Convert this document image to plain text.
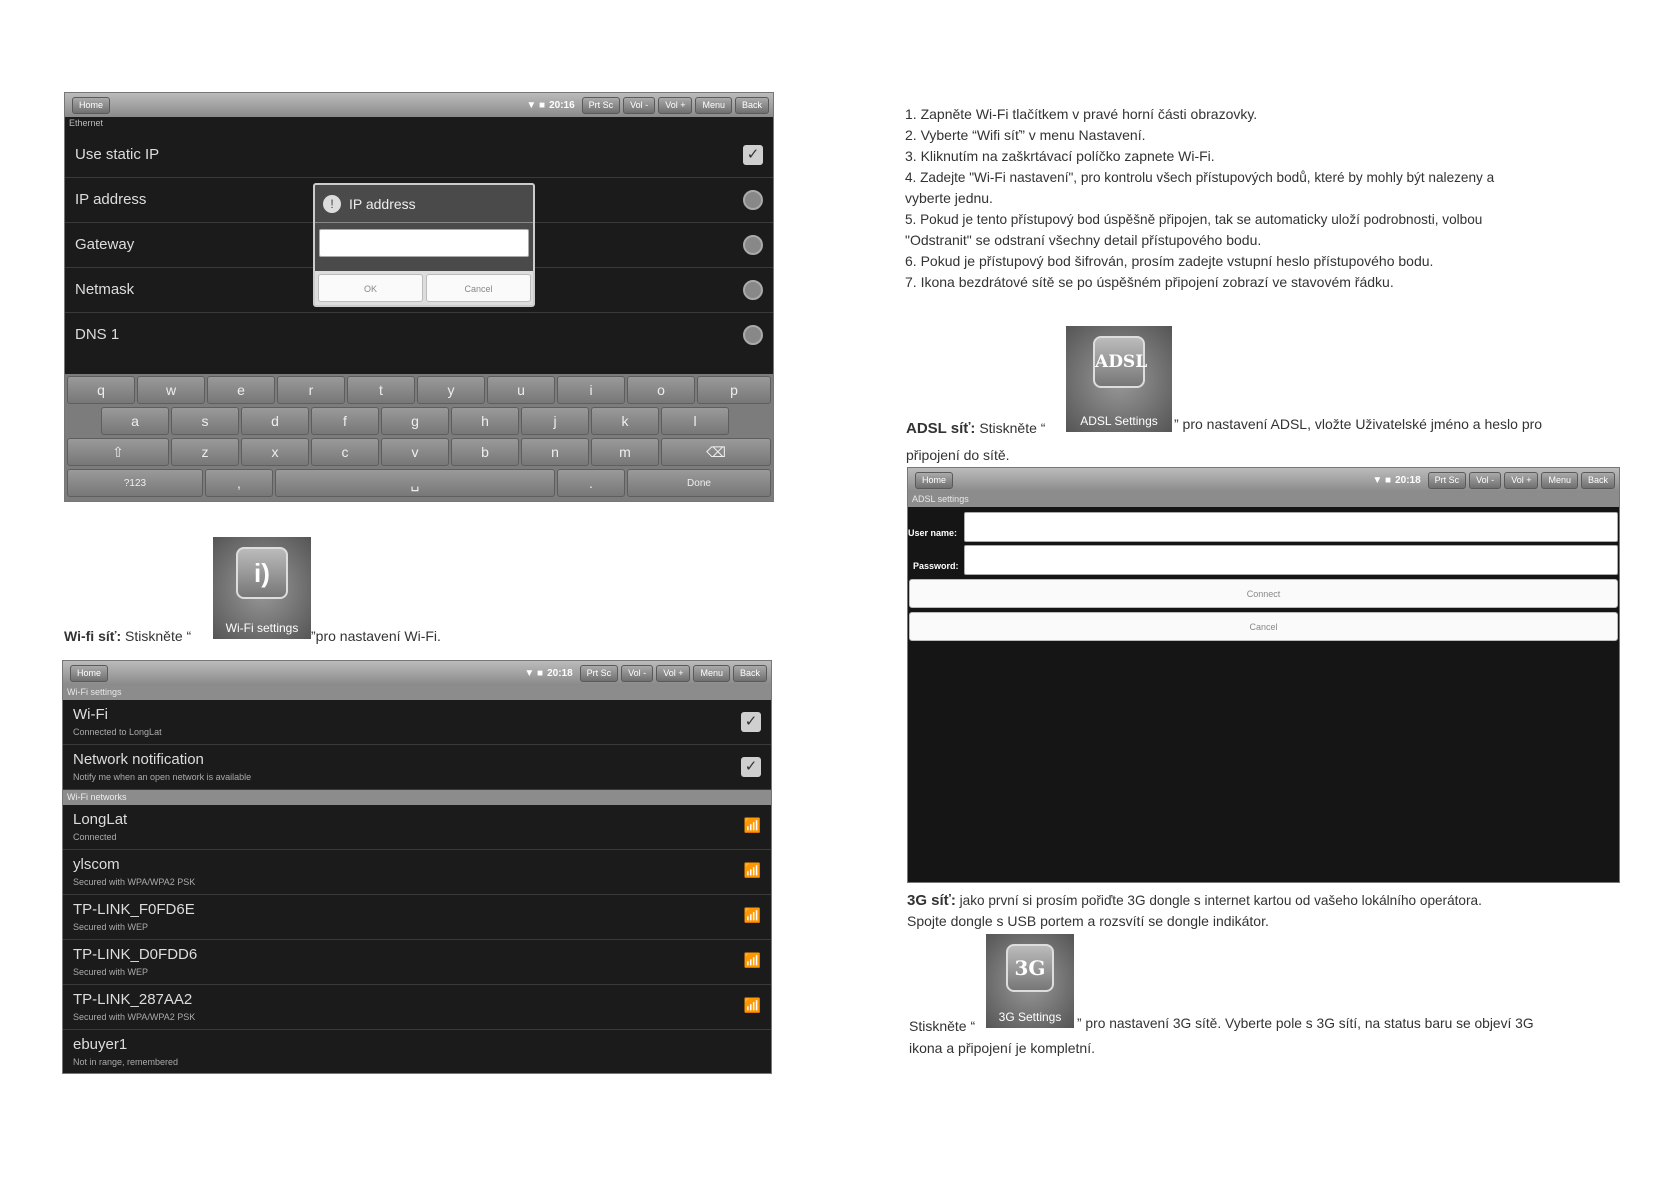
Home	▼ ■ 20:16	Prt Sc	Vol -	Vol +	Menu	Back
Ethernet
Use static IP	✓
IP address
Gateway
Netmask
DNS 1
!	IP address
OK	Cancel
q	w	e	r	t	y	u	i	o	p
a	s	d	f	g	h	j	k	l
⇧	z	x	c	v	b	n	m	⌫
?123	,	␣	.	Done
i)
Wi-Fi settings
Wi-fi síť: Stiskněte “	”pro nastavení Wi-Fi.
Home	▼ ■ 20:18	Prt Sc	Vol -	Vol +	Menu	Back
Wi-Fi settings
Wi-Fi
Connected to LongLat
✓
Network notification
Notify me when an open network is available
✓
Wi-Fi networks
LongLat
Connected
📶
ylscom
Secured with WPA/WPA2 PSK
📶
TP-LINK_F0FD6E
Secured with WEP
📶
TP-LINK_D0FDD6
Secured with WEP
📶
TP-LINK_287AA2
Secured with WPA/WPA2 PSK
📶
ebuyer1
Not in range, remembered
1. Zapněte Wi-Fi tlačítkem v pravé horní části obrazovky.
2. Vyberte “Wifi síť” v menu Nastavení.
3. Kliknutím na zaškrtávací políčko zapnete Wi-Fi.
4. Zadejte "Wi-Fi nastavení", pro kontrolu všech přístupových bodů, které by mohly být nalezeny a
vyberte jednu.
5. Pokud je tento přístupový bod úspěšně připojen, tak se automaticky uloží podrobnosti, volbou
"Odstranit" se odstraní všechny detail přístupového bodu.
6. Pokud je přístupový bod šifrován, prosím zadejte vstupní heslo přístupového bodu.
7. Ikona bezdrátové sítě se po úspěšném připojení zobrazí ve stavovém řádku.
ADSL
ADSL Settings
ADSL síť: Stiskněte “	” pro nastavení ADSL, vložte Uživatelské jméno a heslo pro
připojení do sítě.
Home	▼ ■ 20:18	Prt Sc	Vol -	Vol +	Menu	Back
ADSL settings
User name:
Password:
Connect
Cancel
3G síť: jako první si prosím pořiďte 3G dongle s internet kartou od vašeho lokálního operátora.
Spojte dongle s USB portem a rozsvítí se dongle indikátor.
3G
3G Settings
Stiskněte “	” pro nastavení 3G sítě. Vyberte pole s 3G sítí, na status baru se objeví 3G
ikona a připojení je kompletní.
